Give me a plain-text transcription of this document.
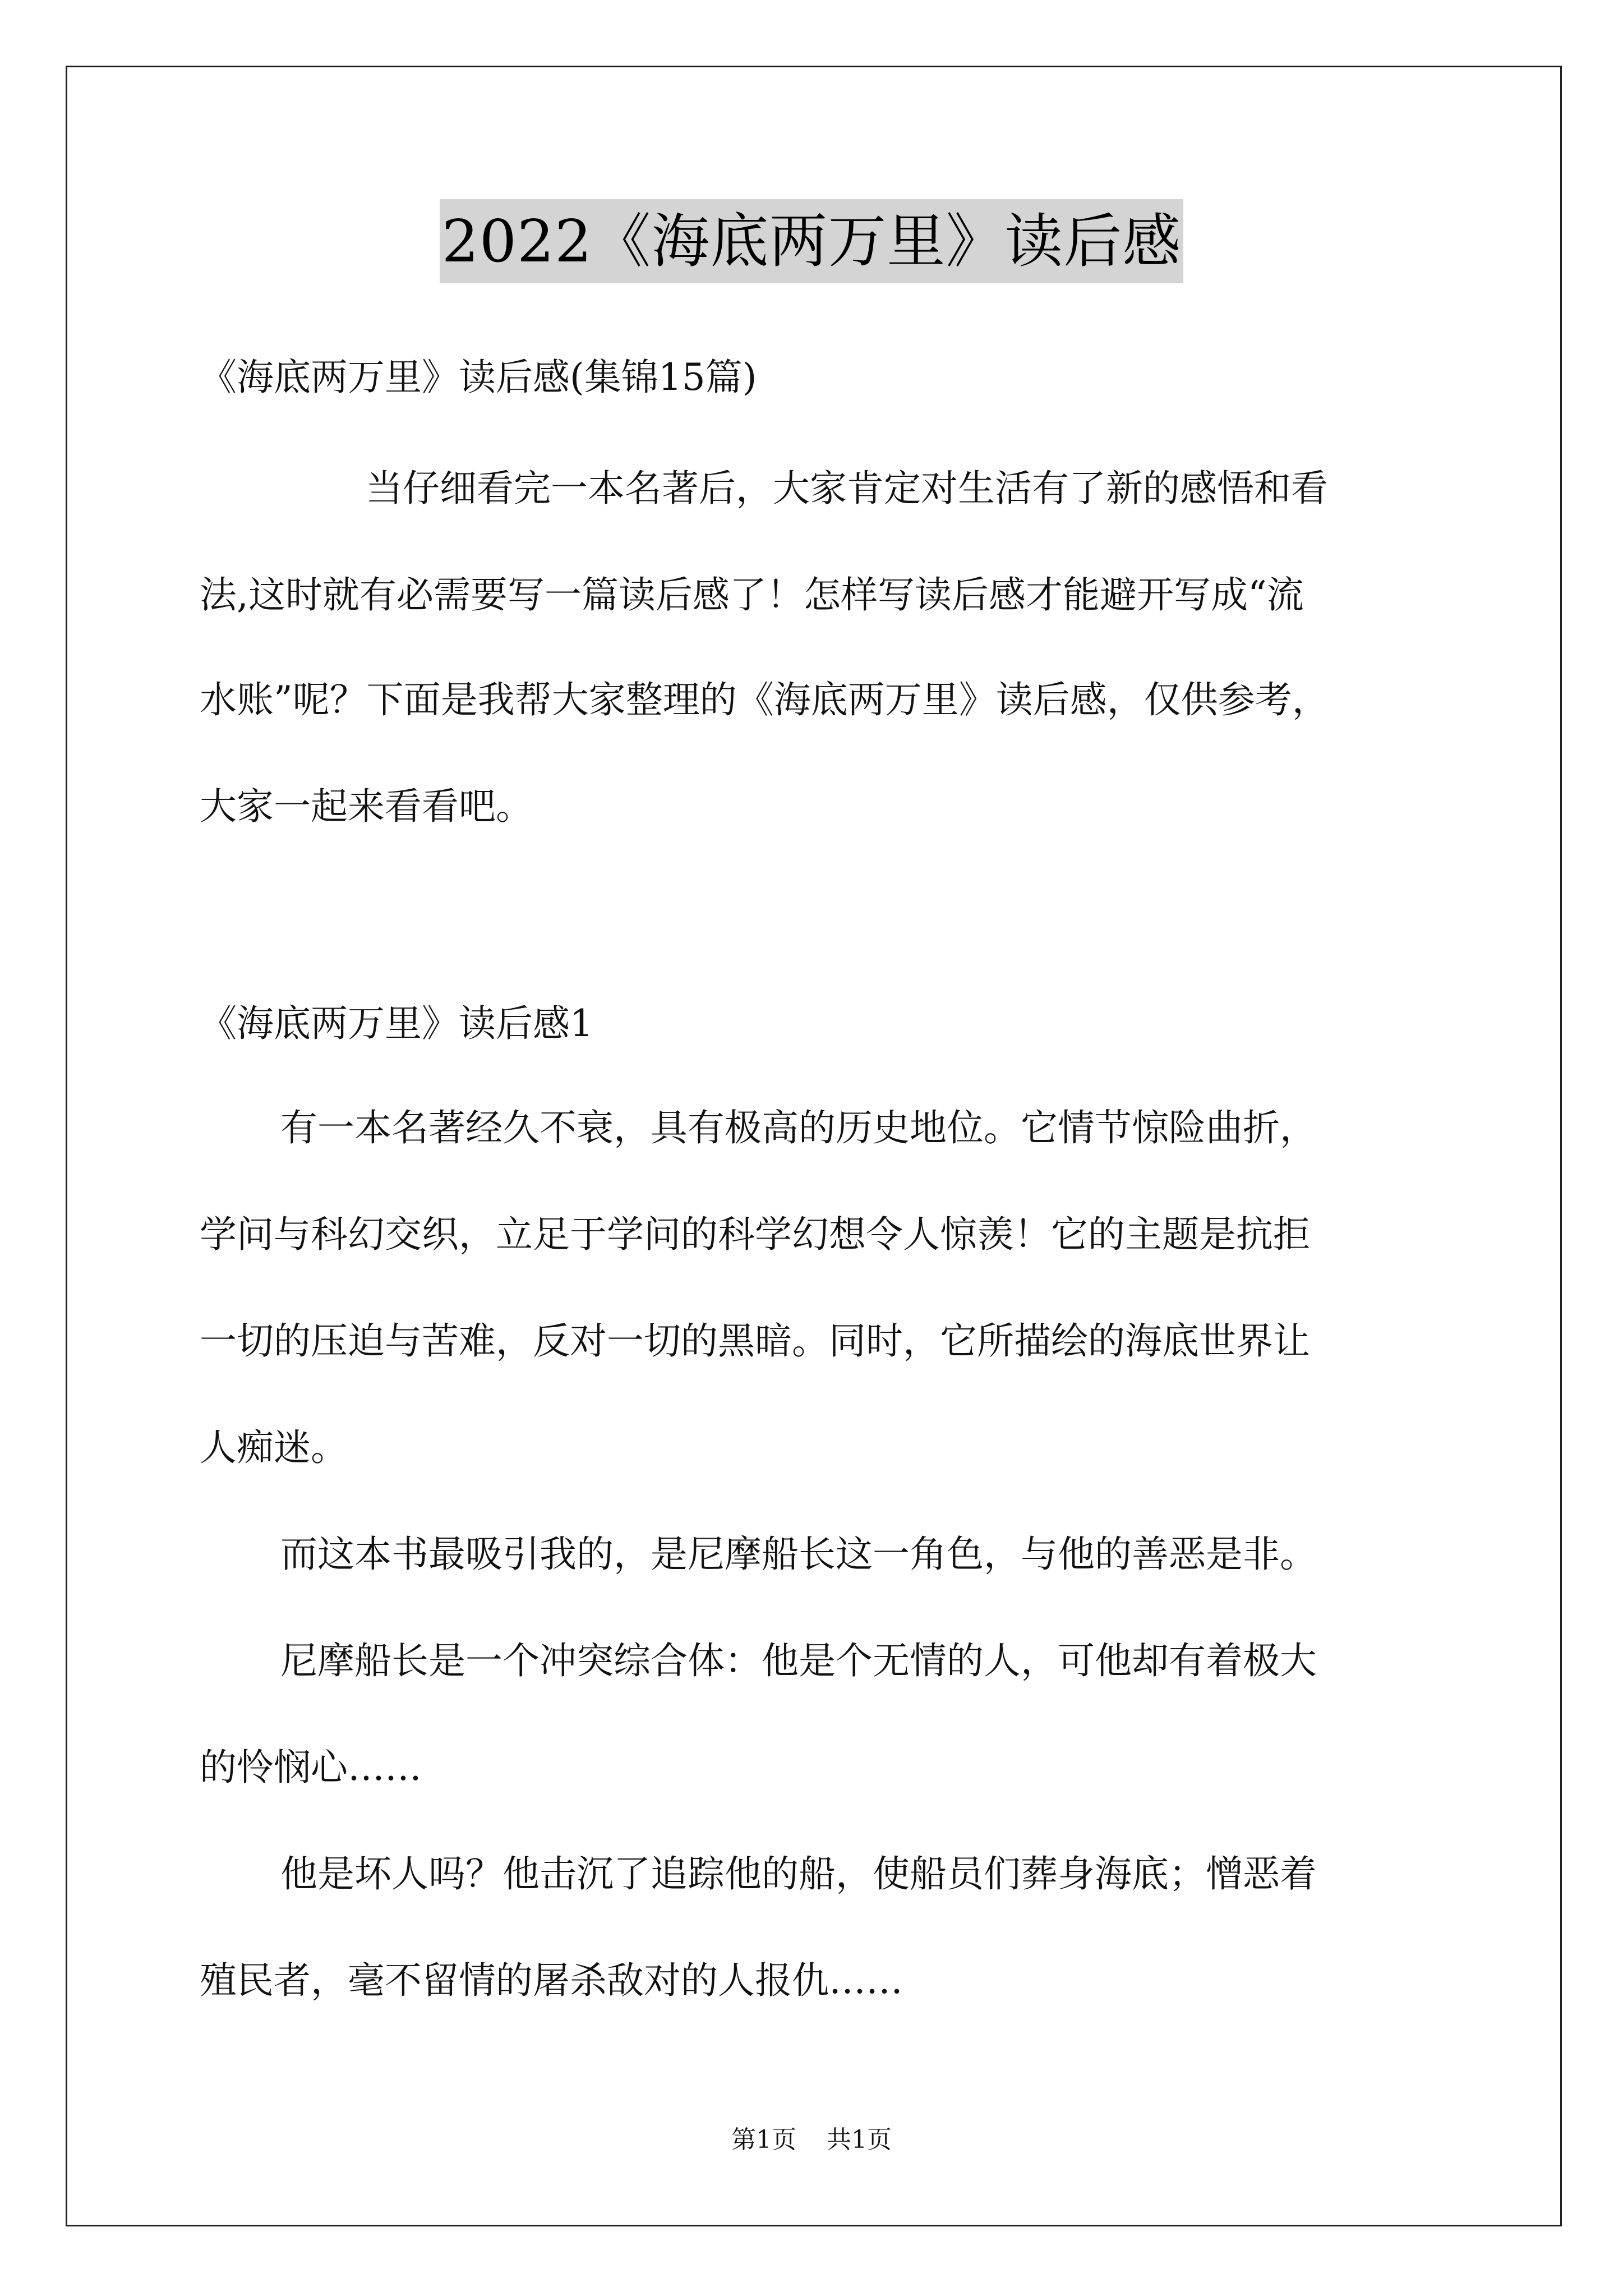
2022《海底两万里》读后感
《海底两万里》读后感(集锦15篇)
当仔细看完一本名著后，大家肯定对生活有了新的感悟和看
法,这时就有必需要写一篇读后感了！怎样写读后感才能避开写成“流
水账”呢？下面是我帮大家整理的《海底两万里》读后感，仅供参考，
大家一起来看看吧。
《海底两万里》读后感1
有一本名著经久不衰，具有极高的历史地位。它情节惊险曲折，
学问与科幻交织，立足于学问的科学幻想令人惊羡！它的主题是抗拒
一切的压迫与苦难，反对一切的黑暗。同时，它所描绘的海底世界让
人痴迷。
而这本书最吸引我的，是尼摩船长这一角色，与他的善恶是非。
尼摩船长是一个冲突综合体：他是个无情的人，可他却有着极大
的怜悯心……
他是坏人吗？他击沉了追踪他的船，使船员们葬身海底；憎恶着
殖民者，毫不留情的屠杀敌对的人报仇……
第1页 共1页
